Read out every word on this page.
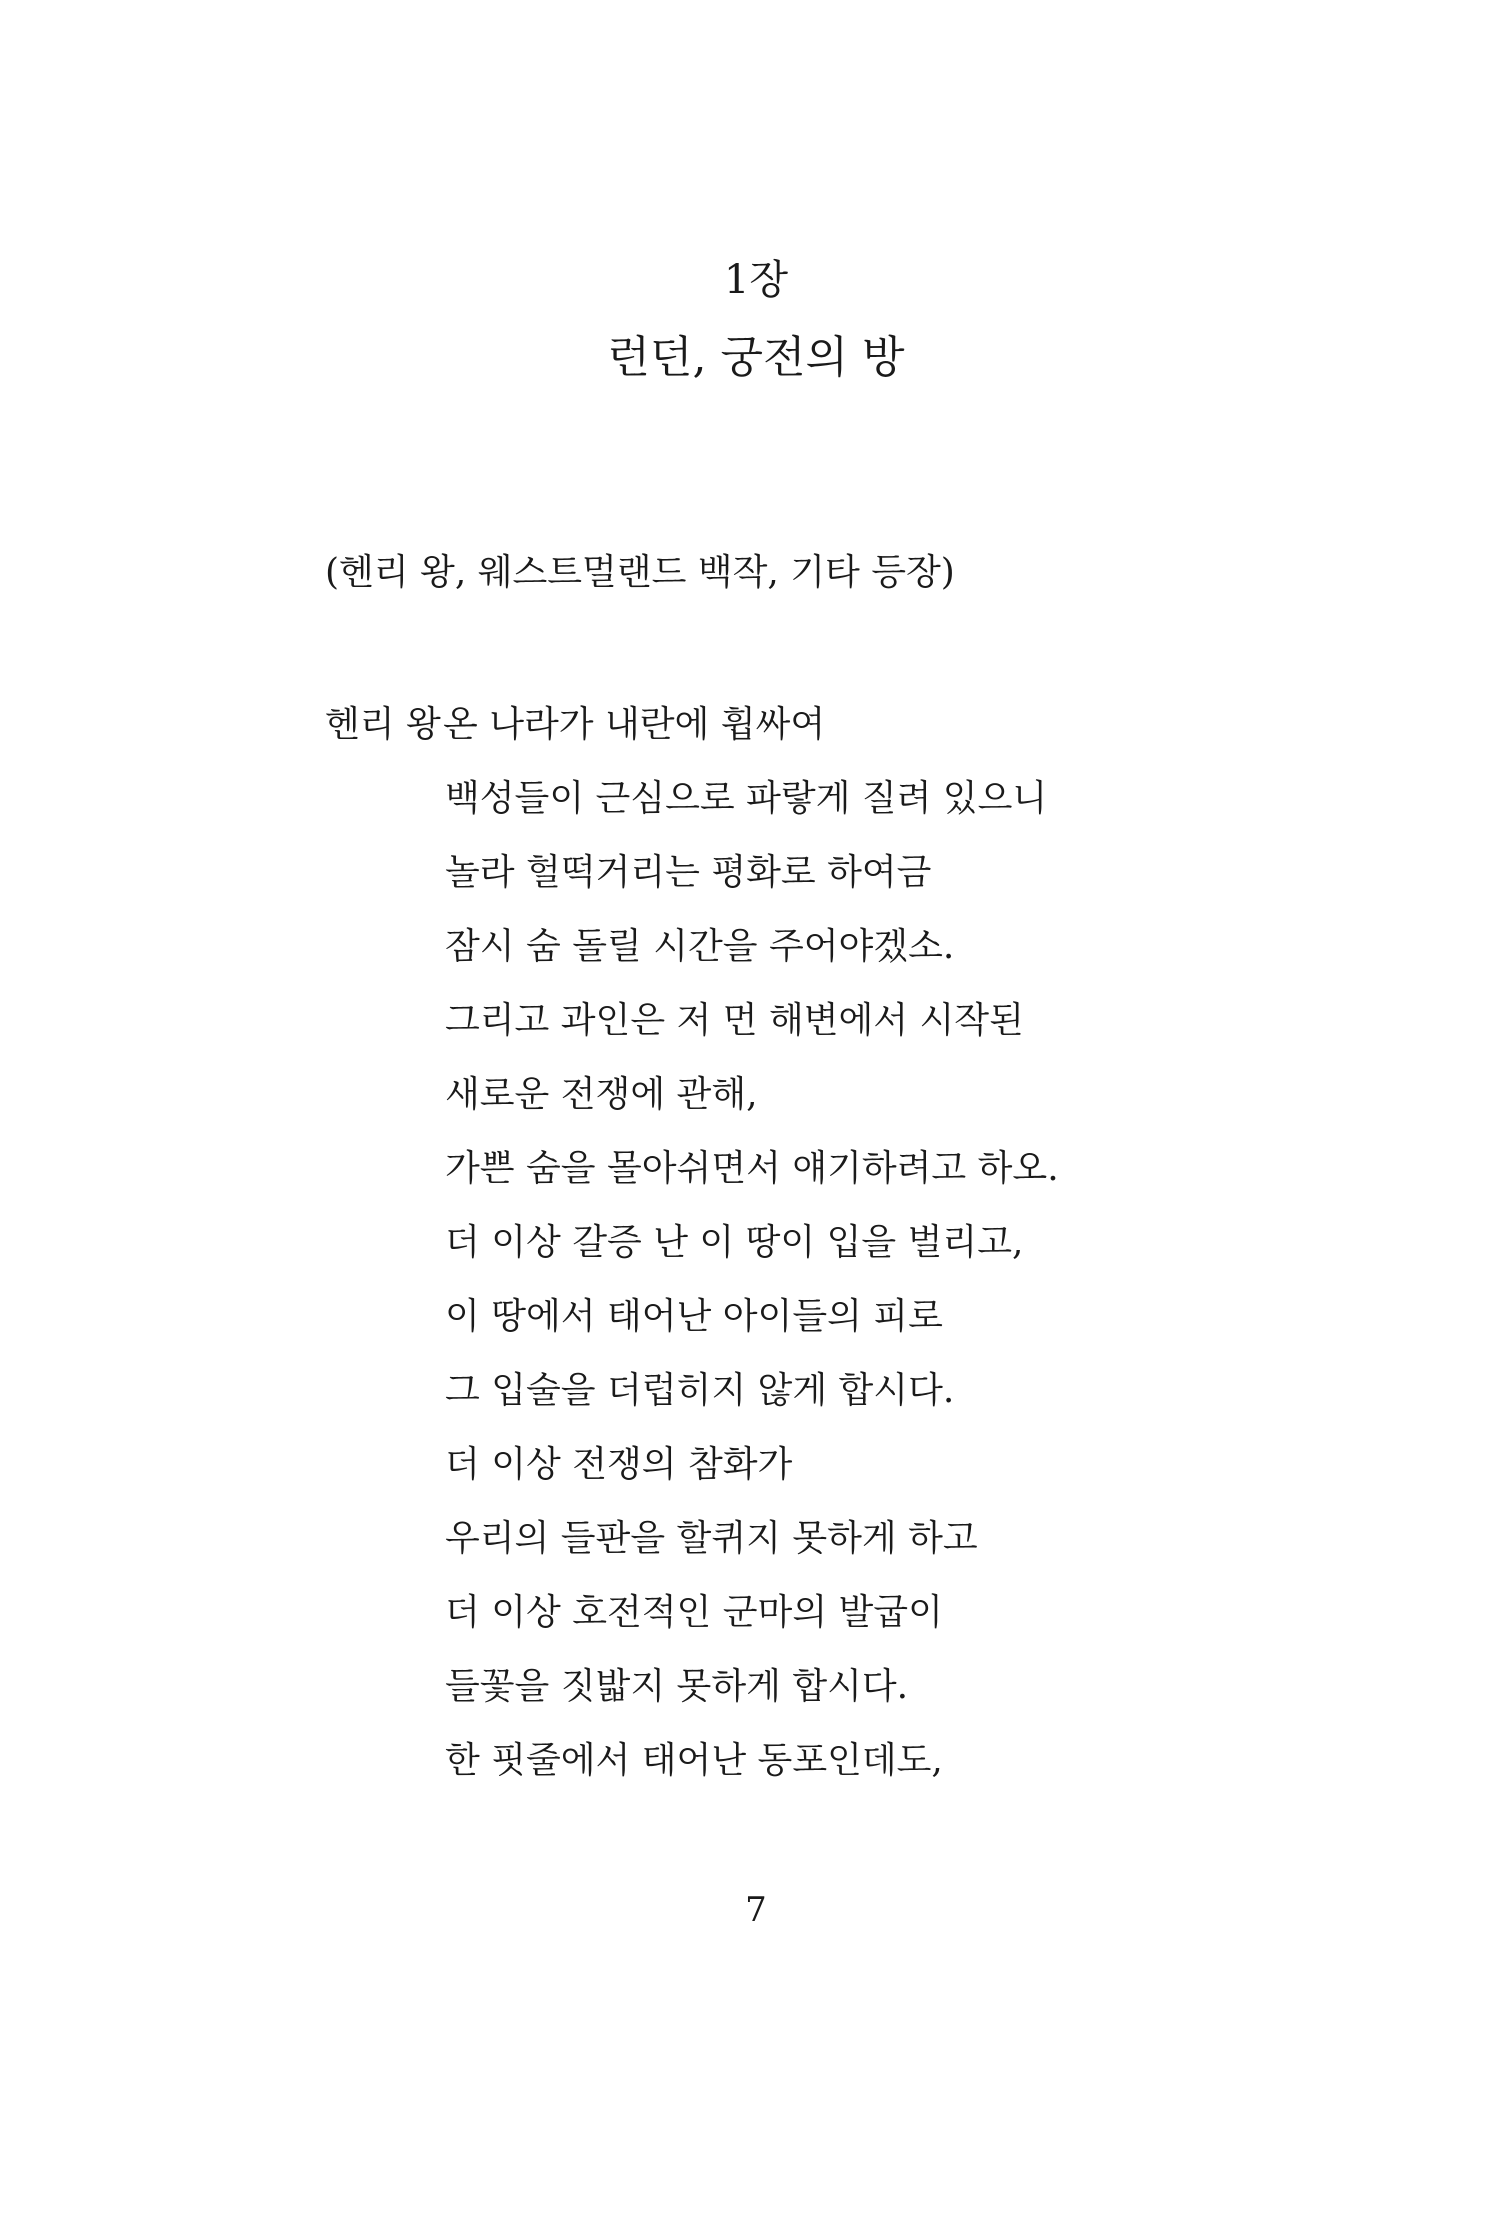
1장
런던, 궁전의 방
(헨리 왕, 웨스트멀랜드 백작, 기타 등장)
헨리 왕 온 나라가 내란에 휩싸여
백성들이 근심으로 파랗게 질려 있으니
놀라 헐떡거리는 평화로 하여금
잠시 숨 돌릴 시간을 주어야겠소.
그리고 과인은 저 먼 해변에서 시작된
새로운 전쟁에 관해,
가쁜 숨을 몰아쉬면서 얘기하려고 하오.
더 이상 갈증 난 이 땅이 입을 벌리고,
이 땅에서 태어난 아이들의 피로
그 입술을 더럽히지 않게 합시다.
더 이상 전쟁의 참화가
우리의 들판을 할퀴지 못하게 하고
더 이상 호전적인 군마의 발굽이
들꽃을 짓밟지 못하게 합시다.
한 핏줄에서 태어난 동포인데도,
7
